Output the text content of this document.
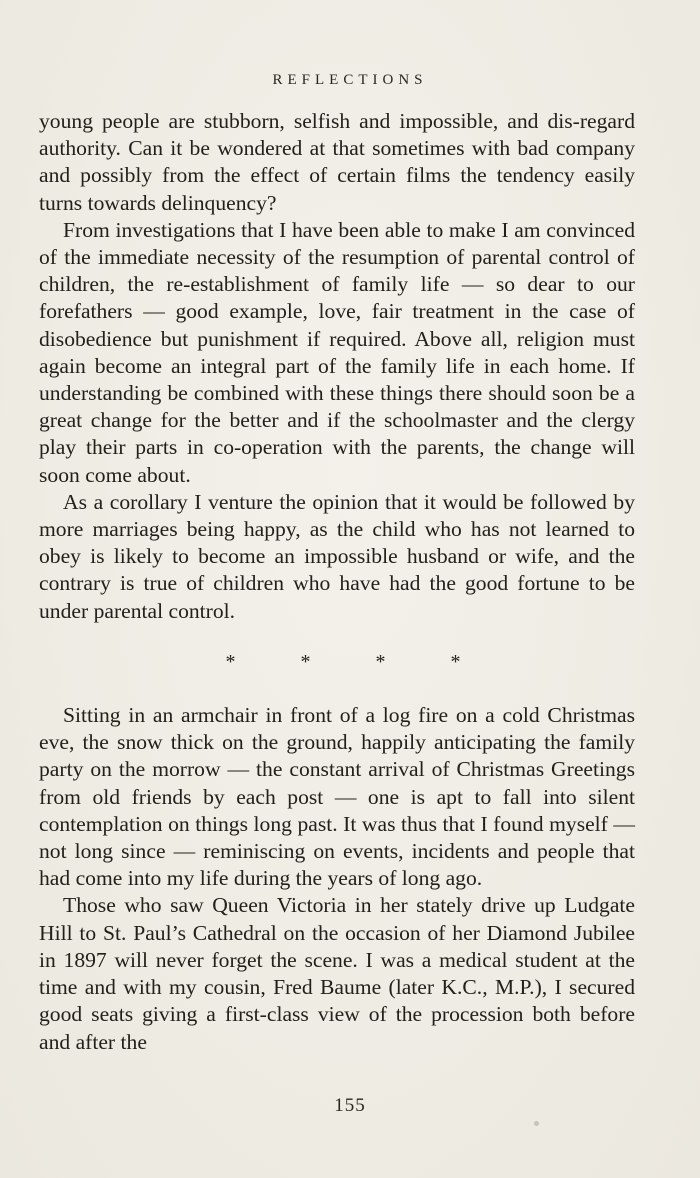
REFLECTIONS

young people are stubborn, selfish and impossible, and dis‐regard authority. Can it be wondered at that sometimes with bad company and possibly from the effect of certain films the tendency easily turns towards delinquency?

From investigations that I have been able to make I am convinced of the immediate necessity of the resumption of parental control of children, the re‐establishment of family life — so dear to our forefathers — good example, love, fair treatment in the case of disobedience but punishment if required. Above all, religion must again become an integral part of the family life in each home. If understanding be combined with these things there should soon be a great change for the better and if the schoolmaster and the clergy play their parts in co‐operation with the parents, the change will soon come about.

As a corollary I venture the opinion that it would be followed by more marriages being happy, as the child who has not learned to obey is likely to become an impossible husband or wife, and the contrary is true of children who have had the good fortune to be under parental control.

*	*	*	*

Sitting in an armchair in front of a log fire on a cold Christmas eve, the snow thick on the ground, happily anticipating the family party on the morrow — the constant arrival of Christmas Greetings from old friends by each post — one is apt to fall into silent contemplation on things long past. It was thus that I found myself — not long since — reminiscing on events, incidents and people that had come into my life during the years of long ago.

Those who saw Queen Victoria in her stately drive up Ludgate Hill to St. Paul’s Cathedral on the occasion of her Diamond Jubilee in 1897 will never forget the scene. I was a medical student at the time and with my cousin, Fred Baume (later K.C., M.P.), I secured good seats giving a first‐class view of the procession both before and after the

155
